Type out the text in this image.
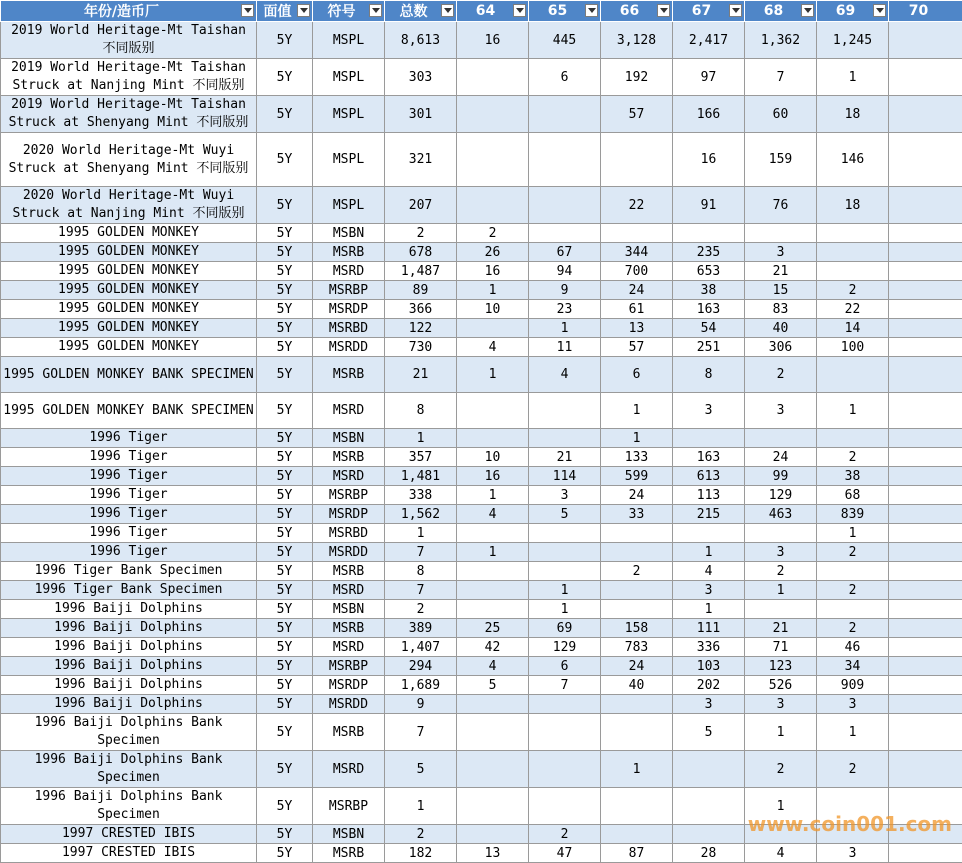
年份/造币厂	面值	符号	总数	64	65	66	67	68	69	70
2019 World Heritage-Mt Taishan 不同版别	5Y	MSPL	8,613	16	445	3,128	2,417	1,362	1,245	
2019 World Heritage-Mt Taishan Struck at Nanjing Mint 不同版别	5Y	MSPL	303		6	192	97	7	1	
2019 World Heritage-Mt Taishan Struck at Shenyang Mint 不同版别	5Y	MSPL	301			57	166	60	18	
2020 World Heritage-Mt Wuyi Struck at Shenyang Mint 不同版别	5Y	MSPL	321				16	159	146	
2020 World Heritage-Mt Wuyi Struck at Nanjing Mint 不同版别	5Y	MSPL	207			22	91	76	18	
1995 GOLDEN MONKEY	5Y	MSBN	2	2						
1995 GOLDEN MONKEY	5Y	MSRB	678	26	67	344	235	3		
1995 GOLDEN MONKEY	5Y	MSRD	1,487	16	94	700	653	21		
1995 GOLDEN MONKEY	5Y	MSRBP	89	1	9	24	38	15	2	
1995 GOLDEN MONKEY	5Y	MSRDP	366	10	23	61	163	83	22	
1995 GOLDEN MONKEY	5Y	MSRBD	122		1	13	54	40	14	
1995 GOLDEN MONKEY	5Y	MSRDD	730	4	11	57	251	306	100	
1995 GOLDEN MONKEY BANK SPECIMEN	5Y	MSRB	21	1	4	6	8	2		
1995 GOLDEN MONKEY BANK SPECIMEN	5Y	MSRD	8			1	3	3	1	
1996 Tiger	5Y	MSBN	1			1				
1996 Tiger	5Y	MSRB	357	10	21	133	163	24	2	
1996 Tiger	5Y	MSRD	1,481	16	114	599	613	99	38	
1996 Tiger	5Y	MSRBP	338	1	3	24	113	129	68	
1996 Tiger	5Y	MSRDP	1,562	4	5	33	215	463	839	
1996 Tiger	5Y	MSRBD	1						1	
1996 Tiger	5Y	MSRDD	7	1			1	3	2	
1996 Tiger Bank Specimen	5Y	MSRB	8			2	4	2		
1996 Tiger Bank Specimen	5Y	MSRD	7		1		3	1	2	
1996 Baiji Dolphins	5Y	MSBN	2		1		1			
1996 Baiji Dolphins	5Y	MSRB	389	25	69	158	111	21	2	
1996 Baiji Dolphins	5Y	MSRD	1,407	42	129	783	336	71	46	
1996 Baiji Dolphins	5Y	MSRBP	294	4	6	24	103	123	34	
1996 Baiji Dolphins	5Y	MSRDP	1,689	5	7	40	202	526	909	
1996 Baiji Dolphins	5Y	MSRDD	9				3	3	3	
1996 Baiji Dolphins Bank Specimen	5Y	MSRB	7				5	1	1	
1996 Baiji Dolphins Bank Specimen	5Y	MSRD	5			1		2	2	
1996 Baiji Dolphins Bank Specimen	5Y	MSRBP	1					1		
1997 CRESTED IBIS	5Y	MSBN	2		2					
1997 CRESTED IBIS	5Y	MSRB	182	13	47	87	28	4	3	
www.coin001.com
